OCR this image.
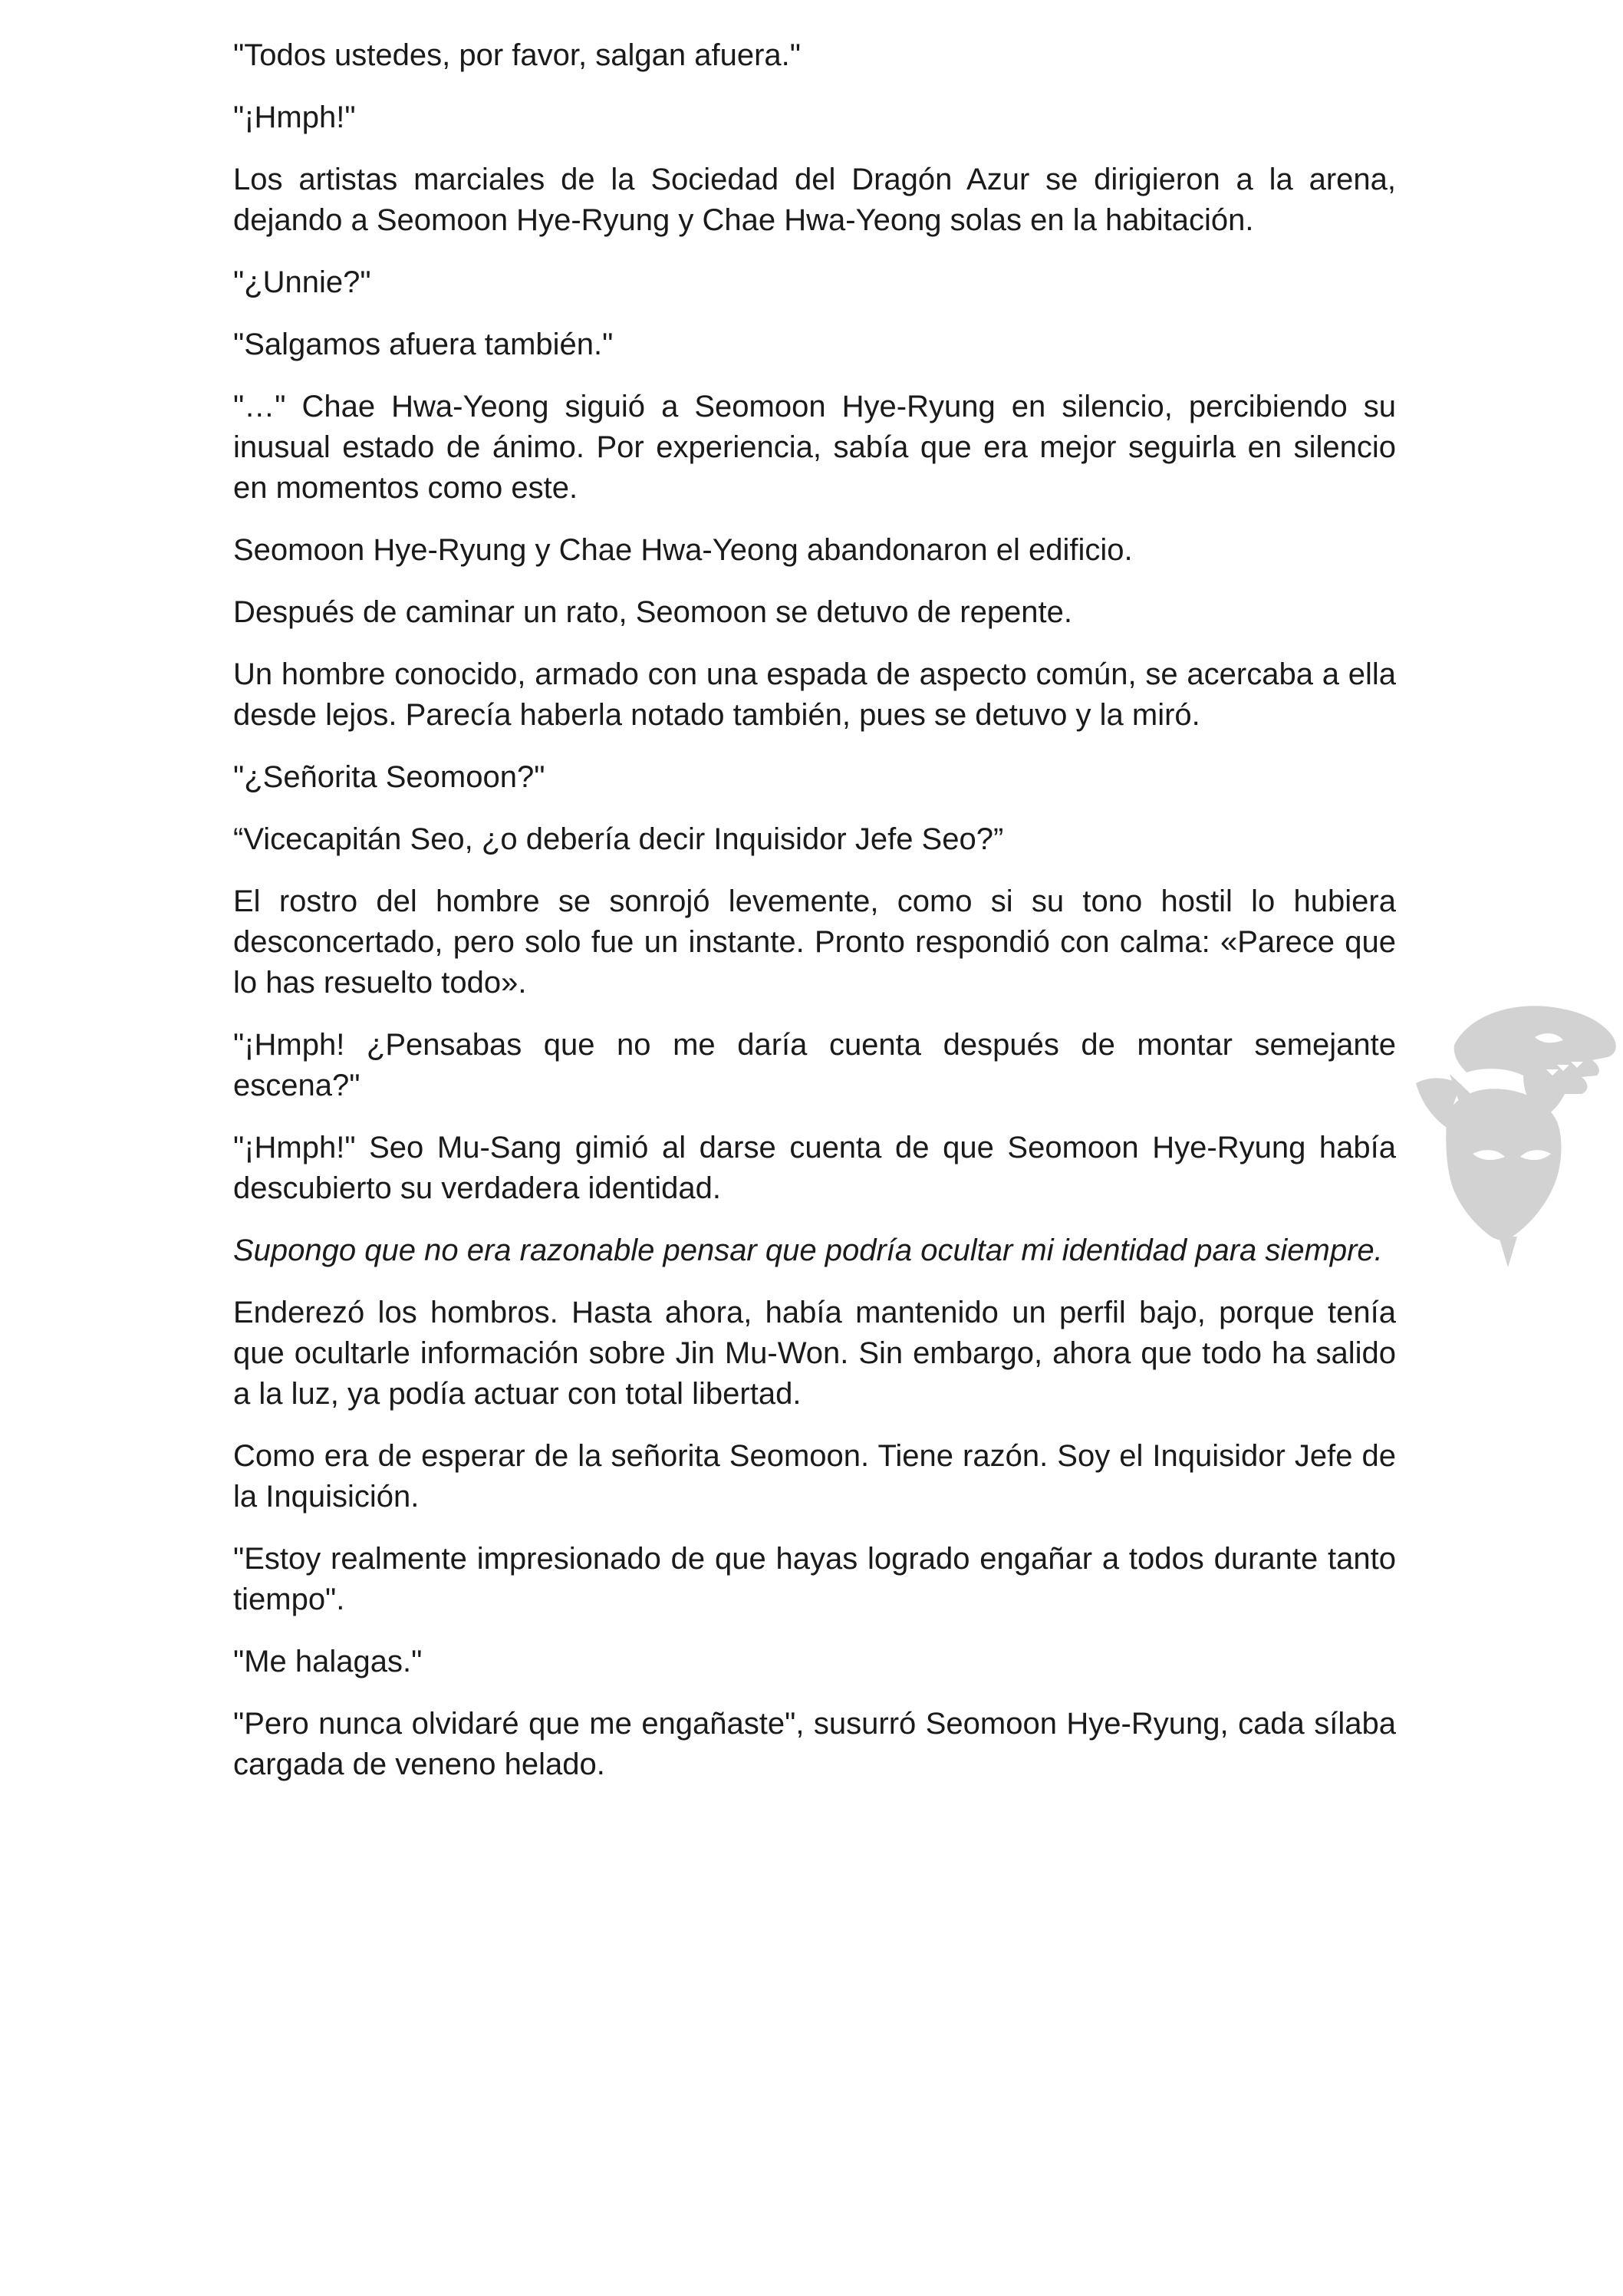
"Todos ustedes, por favor, salgan afuera."

"¡Hmph!"

Los artistas marciales de la Sociedad del Dragón Azur se dirigieron a la arena, dejando a Seomoon Hye-Ryung y Chae Hwa-Yeong solas en la habitación.

"¿Unnie?"

"Salgamos afuera también."

"…" Chae Hwa-Yeong siguió a Seomoon Hye-Ryung en silencio, percibiendo su inusual estado de ánimo. Por experiencia, sabía que era mejor seguirla en silencio en momentos como este.

Seomoon Hye-Ryung y Chae Hwa-Yeong abandonaron el edificio.

Después de caminar un rato, Seomoon se detuvo de repente.

Un hombre conocido, armado con una espada de aspecto común, se acercaba a ella desde lejos. Parecía haberla notado también, pues se detuvo y la miró.

"¿Señorita Seomoon?"

“Vicecapitán Seo, ¿o debería decir Inquisidor Jefe Seo?”

El rostro del hombre se sonrojó levemente, como si su tono hostil lo hubiera desconcertado, pero solo fue un instante. Pronto respondió con calma: «Parece que lo has resuelto todo».

"¡Hmph! ¿Pensabas que no me daría cuenta después de montar semejante escena?"

"¡Hmph!" Seo Mu-Sang gimió al darse cuenta de que Seomoon Hye-Ryung había descubierto su verdadera identidad.

Supongo que no era razonable pensar que podría ocultar mi identidad para siempre.

Enderezó los hombros. Hasta ahora, había mantenido un perfil bajo, porque tenía que ocultarle información sobre Jin Mu-Won. Sin embargo, ahora que todo ha salido a la luz, ya podía actuar con total libertad.

Como era de esperar de la señorita Seomoon. Tiene razón. Soy el Inquisidor Jefe de la Inquisición.

"Estoy realmente impresionado de que hayas logrado engañar a todos durante tanto tiempo".

"Me halagas."

"Pero nunca olvidaré que me engañaste", susurró Seomoon Hye-Ryung, cada sílaba cargada de veneno helado.
